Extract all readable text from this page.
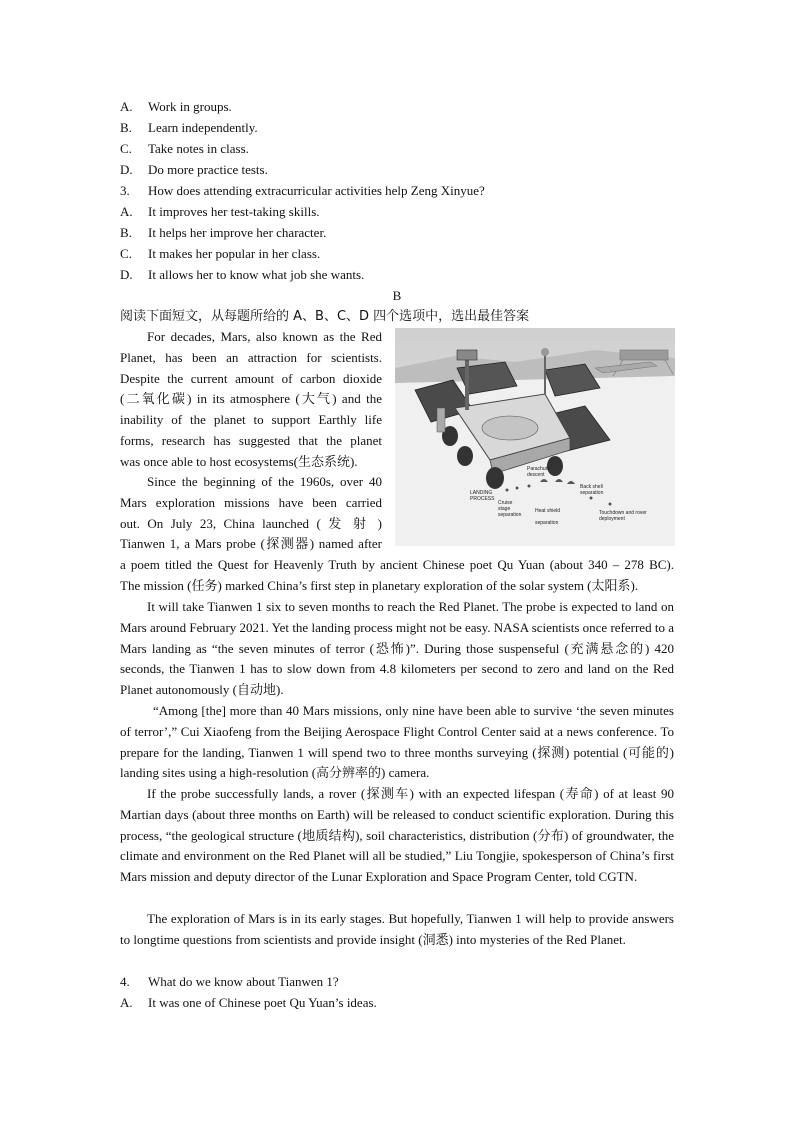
A. Work in groups.
B. Learn independently.
C. Take notes in class.
D. Do more practice tests.
3. How does attending extracurricular activities help Zeng Xinyue?
A. It improves her test-taking skills.
B. It helps her improve her character.
C. It makes her popular in her class.
D. It allows her to know what job she wants.
B
阅读下面短文，从每题所给的 A、B、C、D 四个选项中，选出最佳答案
For decades, Mars, also known as the Red
Planet, has been an attraction for scientists.
Despite the current amount of carbon dioxide
(二氧化碳) in its atmosphere (大气) and the
inability of the planet to support Earthly life
forms, research has suggested that the planet
was once able to host ecosystems(生态系统).
Since the beginning of the 1960s, over 40
Mars exploration missions have been carried
out. On July 23, China launched ( 发 射 )
Tianwen 1, a Mars probe (探测器) named after
a poem titled the Quest for Heavenly Truth by ancient Chinese poet Qu Yuan (about 340 – 278 BC).
The mission (任务) marked China’s first step in planetary exploration of the solar system (太阳系).
LANDING
PROCESS
Cruise
stage
separation
Parachute
descent
Heat shield
separation
Back shell
separation
Touchdown and rover
deployment

It will take Tianwen 1 six to seven months to reach the Red Planet. The probe is expected to land on Mars around February 2021. Yet the landing process might not be easy. NASA scientists once referred to a Mars landing as “the seven minutes of terror (恐怖)”. During those suspenseful (充满悬念的) 420 seconds, the Tianwen 1 has to slow down from 4.8 kilometers per second to zero and land on the Red Planet autonomously (自动地).

“Among [the] more than 40 Mars missions, only nine have been able to survive ‘the seven minutes of terror’,” Cui Xiaofeng from the Beijing Aerospace Flight Control Center said at a news conference. To prepare for the landing, Tianwen 1 will spend two to three months surveying (探测) potential (可能的) landing sites using a high-resolution (高分辨率的) camera.

If the probe successfully lands, a rover (探测车) with an expected lifespan (寿命) of at least 90 Martian days (about three months on Earth) will be released to conduct scientific exploration. During this process, “the geological structure (地质结构), soil characteristics, distribution (分布) of groundwater, the climate and environment on the Red Planet will all be studied,” Liu Tongjie, spokesperson of China’s first Mars mission and deputy director of the Lunar Exploration and Space Program Center, told CGTN.

The exploration of Mars is in its early stages. But hopefully, Tianwen 1 will help to provide answers to longtime questions from scientists and provide insight (洞悉) into mysteries of the Red Planet.

4. What do we know about Tianwen 1?
A. It was one of Chinese poet Qu Yuan’s ideas.
